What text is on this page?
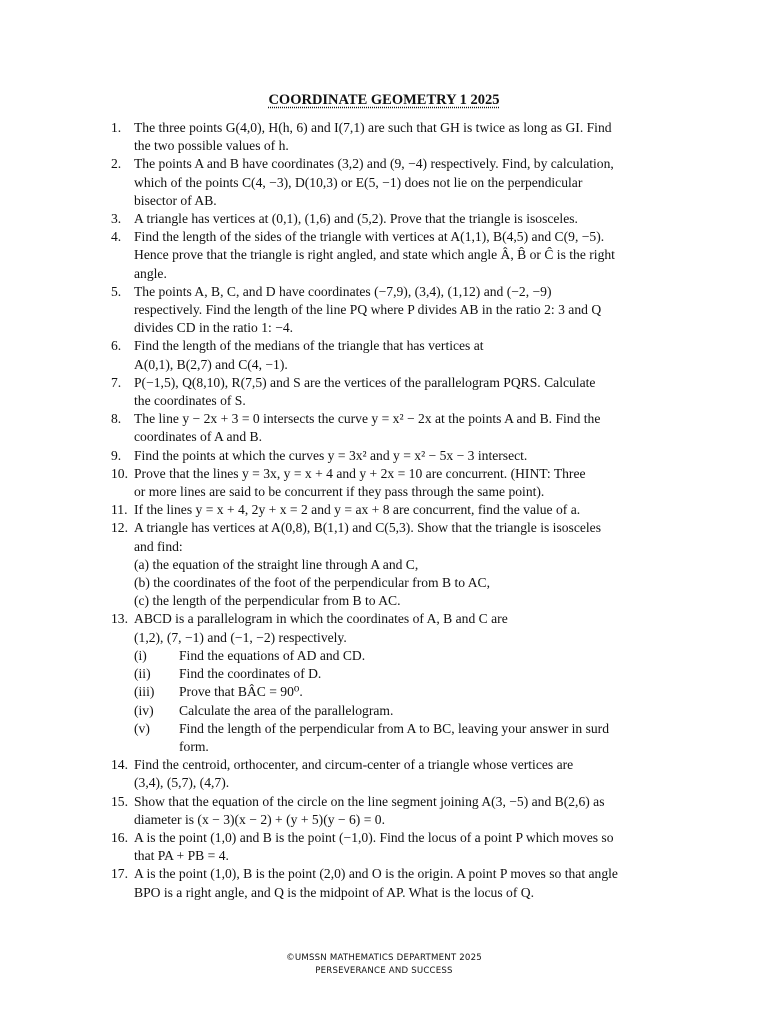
COORDINATE GEOMETRY 1 2025
1. The three points G(4,0), H(h, 6) and I(7,1) are such that GH is twice as long as GI. Find
the two possible values of h.
2. The points A and B have coordinates (3,2) and (9, −4) respectively. Find, by calculation,
which of the points C(4, −3), D(10,3) or E(5, −1) does not lie on the perpendicular
bisector of AB.
3. A triangle has vertices at (0,1), (1,6) and (5,2). Prove that the triangle is isosceles.
4. Find the length of the sides of the triangle with vertices at A(1,1), B(4,5) and C(9, −5).
Hence prove that the triangle is right angled, and state which angle Â, B̂ or Ĉ is the right
angle.
5. The points A, B, C, and D have coordinates (−7,9), (3,4), (1,12) and (−2, −9)
respectively. Find the length of the line PQ where P divides AB in the ratio 2: 3 and Q
divides CD in the ratio 1: −4.
6. Find the length of the medians of the triangle that has vertices at
A(0,1), B(2,7) and C(4, −1).
7. P(−1,5), Q(8,10), R(7,5) and S are the vertices of the parallelogram PQRS. Calculate
the coordinates of S.
8. The line y − 2x + 3 = 0 intersects the curve y = x² − 2x at the points A and B. Find the
coordinates of A and B.
9. Find the points at which the curves y = 3x² and y = x² − 5x − 3 intersect.
10. Prove that the lines y = 3x, y = x + 4 and y + 2x = 10 are concurrent. (HINT: Three
or more lines are said to be concurrent if they pass through the same point).
11. If the lines y = x + 4, 2y + x = 2 and y = ax + 8 are concurrent, find the value of a.
12. A triangle has vertices at A(0,8), B(1,1) and C(5,3). Show that the triangle is isosceles
and find:
(a) the equation of the straight line through A and C,
(b) the coordinates of the foot of the perpendicular from B to AC,
(c) the length of the perpendicular from B to AC.
13. ABCD is a parallelogram in which the coordinates of A, B and C are
(1,2), (7, −1) and (−1, −2) respectively.
(i)	Find the equations of AD and CD.
(ii)	Find the coordinates of D.
(iii)	Prove that BÂC = 90⁰.
(iv)	Calculate the area of the parallelogram.
(v)	Find the length of the perpendicular from A to BC, leaving your answer in surd
form.
14. Find the centroid, orthocenter, and circum-center of a triangle whose vertices are
(3,4), (5,7), (4,7).
15. Show that the equation of the circle on the line segment joining A(3, −5) and B(2,6) as
diameter is (x − 3)(x − 2) + (y + 5)(y − 6) = 0.
16. A is the point (1,0) and B is the point (−1,0). Find the locus of a point P which moves so
that PA + PB = 4.
17. A is the point (1,0), B is the point (2,0) and O is the origin. A point P moves so that angle
BPO is a right angle, and Q is the midpoint of AP. What is the locus of Q.
©UMSSN MATHEMATICS DEPARTMENT 2025
PERSEVERANCE AND SUCCESS
